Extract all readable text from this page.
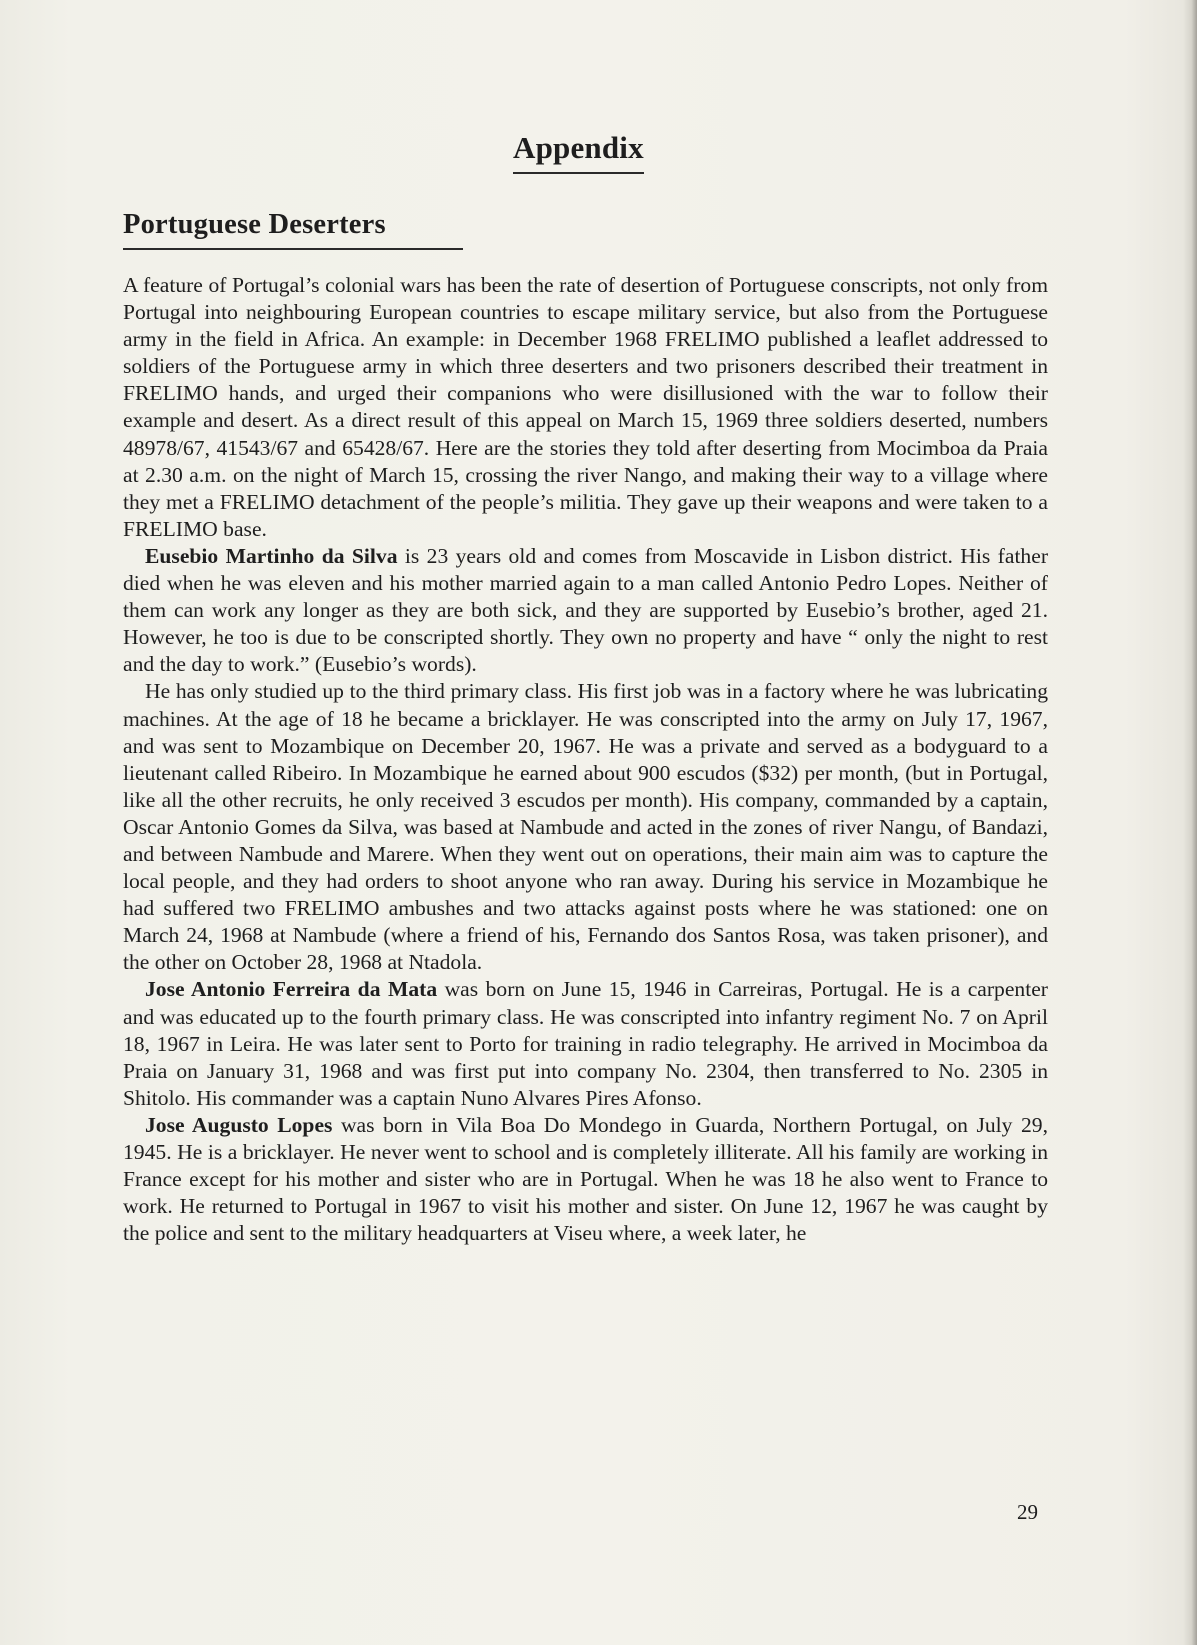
Appendix
Portuguese Deserters

A feature of Portugal’s colonial wars has been the rate of desertion of Portuguese conscripts, not only from Portugal into neighbouring European countries to escape military service, but also from the Portuguese army in the field in Africa. An example: in December 1968 FRELIMO published a leaflet addressed to soldiers of the Portuguese army in which three deserters and two prisoners described their treatment in FRELIMO hands, and urged their companions who were disillusioned with the war to follow their example and desert. As a direct result of this appeal on March 15, 1969 three soldiers deserted, numbers 48978/67, 41543/67 and 65428/67. Here are the stories they told after deserting from Mocimboa da Praia at 2.30 a.m. on the night of March 15, crossing the river Nango, and making their way to a village where they met a FRELIMO detachment of the people’s militia. They gave up their weapons and were taken to a FRELIMO base.

Eusebio Martinho da Silva is 23 years old and comes from Moscavide in Lisbon district. His father died when he was eleven and his mother married again to a man called Antonio Pedro Lopes. Neither of them can work any longer as they are both sick, and they are supported by Eusebio’s brother, aged 21. However, he too is due to be conscripted shortly. They own no property and have “ only the night to rest and the day to work.” (Eusebio’s words).

He has only studied up to the third primary class. His first job was in a factory where he was lubricating machines. At the age of 18 he became a bricklayer. He was conscripted into the army on July 17, 1967, and was sent to Mozambique on December 20, 1967. He was a private and served as a bodyguard to a lieutenant called Ribeiro. In Mozambique he earned about 900 escudos ($32) per month, (but in Portugal, like all the other recruits, he only received 3 escudos per month). His company, commanded by a captain, Oscar Antonio Gomes da Silva, was based at Nambude and acted in the zones of river Nangu, of Bandazi, and between Nambude and Marere. When they went out on operations, their main aim was to capture the local people, and they had orders to shoot anyone who ran away. During his service in Mozambique he had suffered two FRELIMO ambushes and two attacks against posts where he was stationed: one on March 24, 1968 at Nambude (where a friend of his, Fernando dos Santos Rosa, was taken prisoner), and the other on October 28, 1968 at Ntadola.

Jose Antonio Ferreira da Mata was born on June 15, 1946 in Carreiras, Portugal. He is a carpenter and was educated up to the fourth primary class. He was conscripted into infantry regiment No. 7 on April 18, 1967 in Leira. He was later sent to Porto for training in radio telegraphy. He arrived in Mocimboa da Praia on January 31, 1968 and was first put into company No. 2304, then transferred to No. 2305 in Shitolo. His commander was a captain Nuno Alvares Pires Afonso.

Jose Augusto Lopes was born in Vila Boa Do Mondego in Guarda, Northern Portugal, on July 29, 1945. He is a bricklayer. He never went to school and is completely illiterate. All his family are working in France except for his mother and sister who are in Portugal. When he was 18 he also went to France to work. He returned to Portugal in 1967 to visit his mother and sister. On June 12, 1967 he was caught by the police and sent to the military headquarters at Viseu where, a week later, he

29
